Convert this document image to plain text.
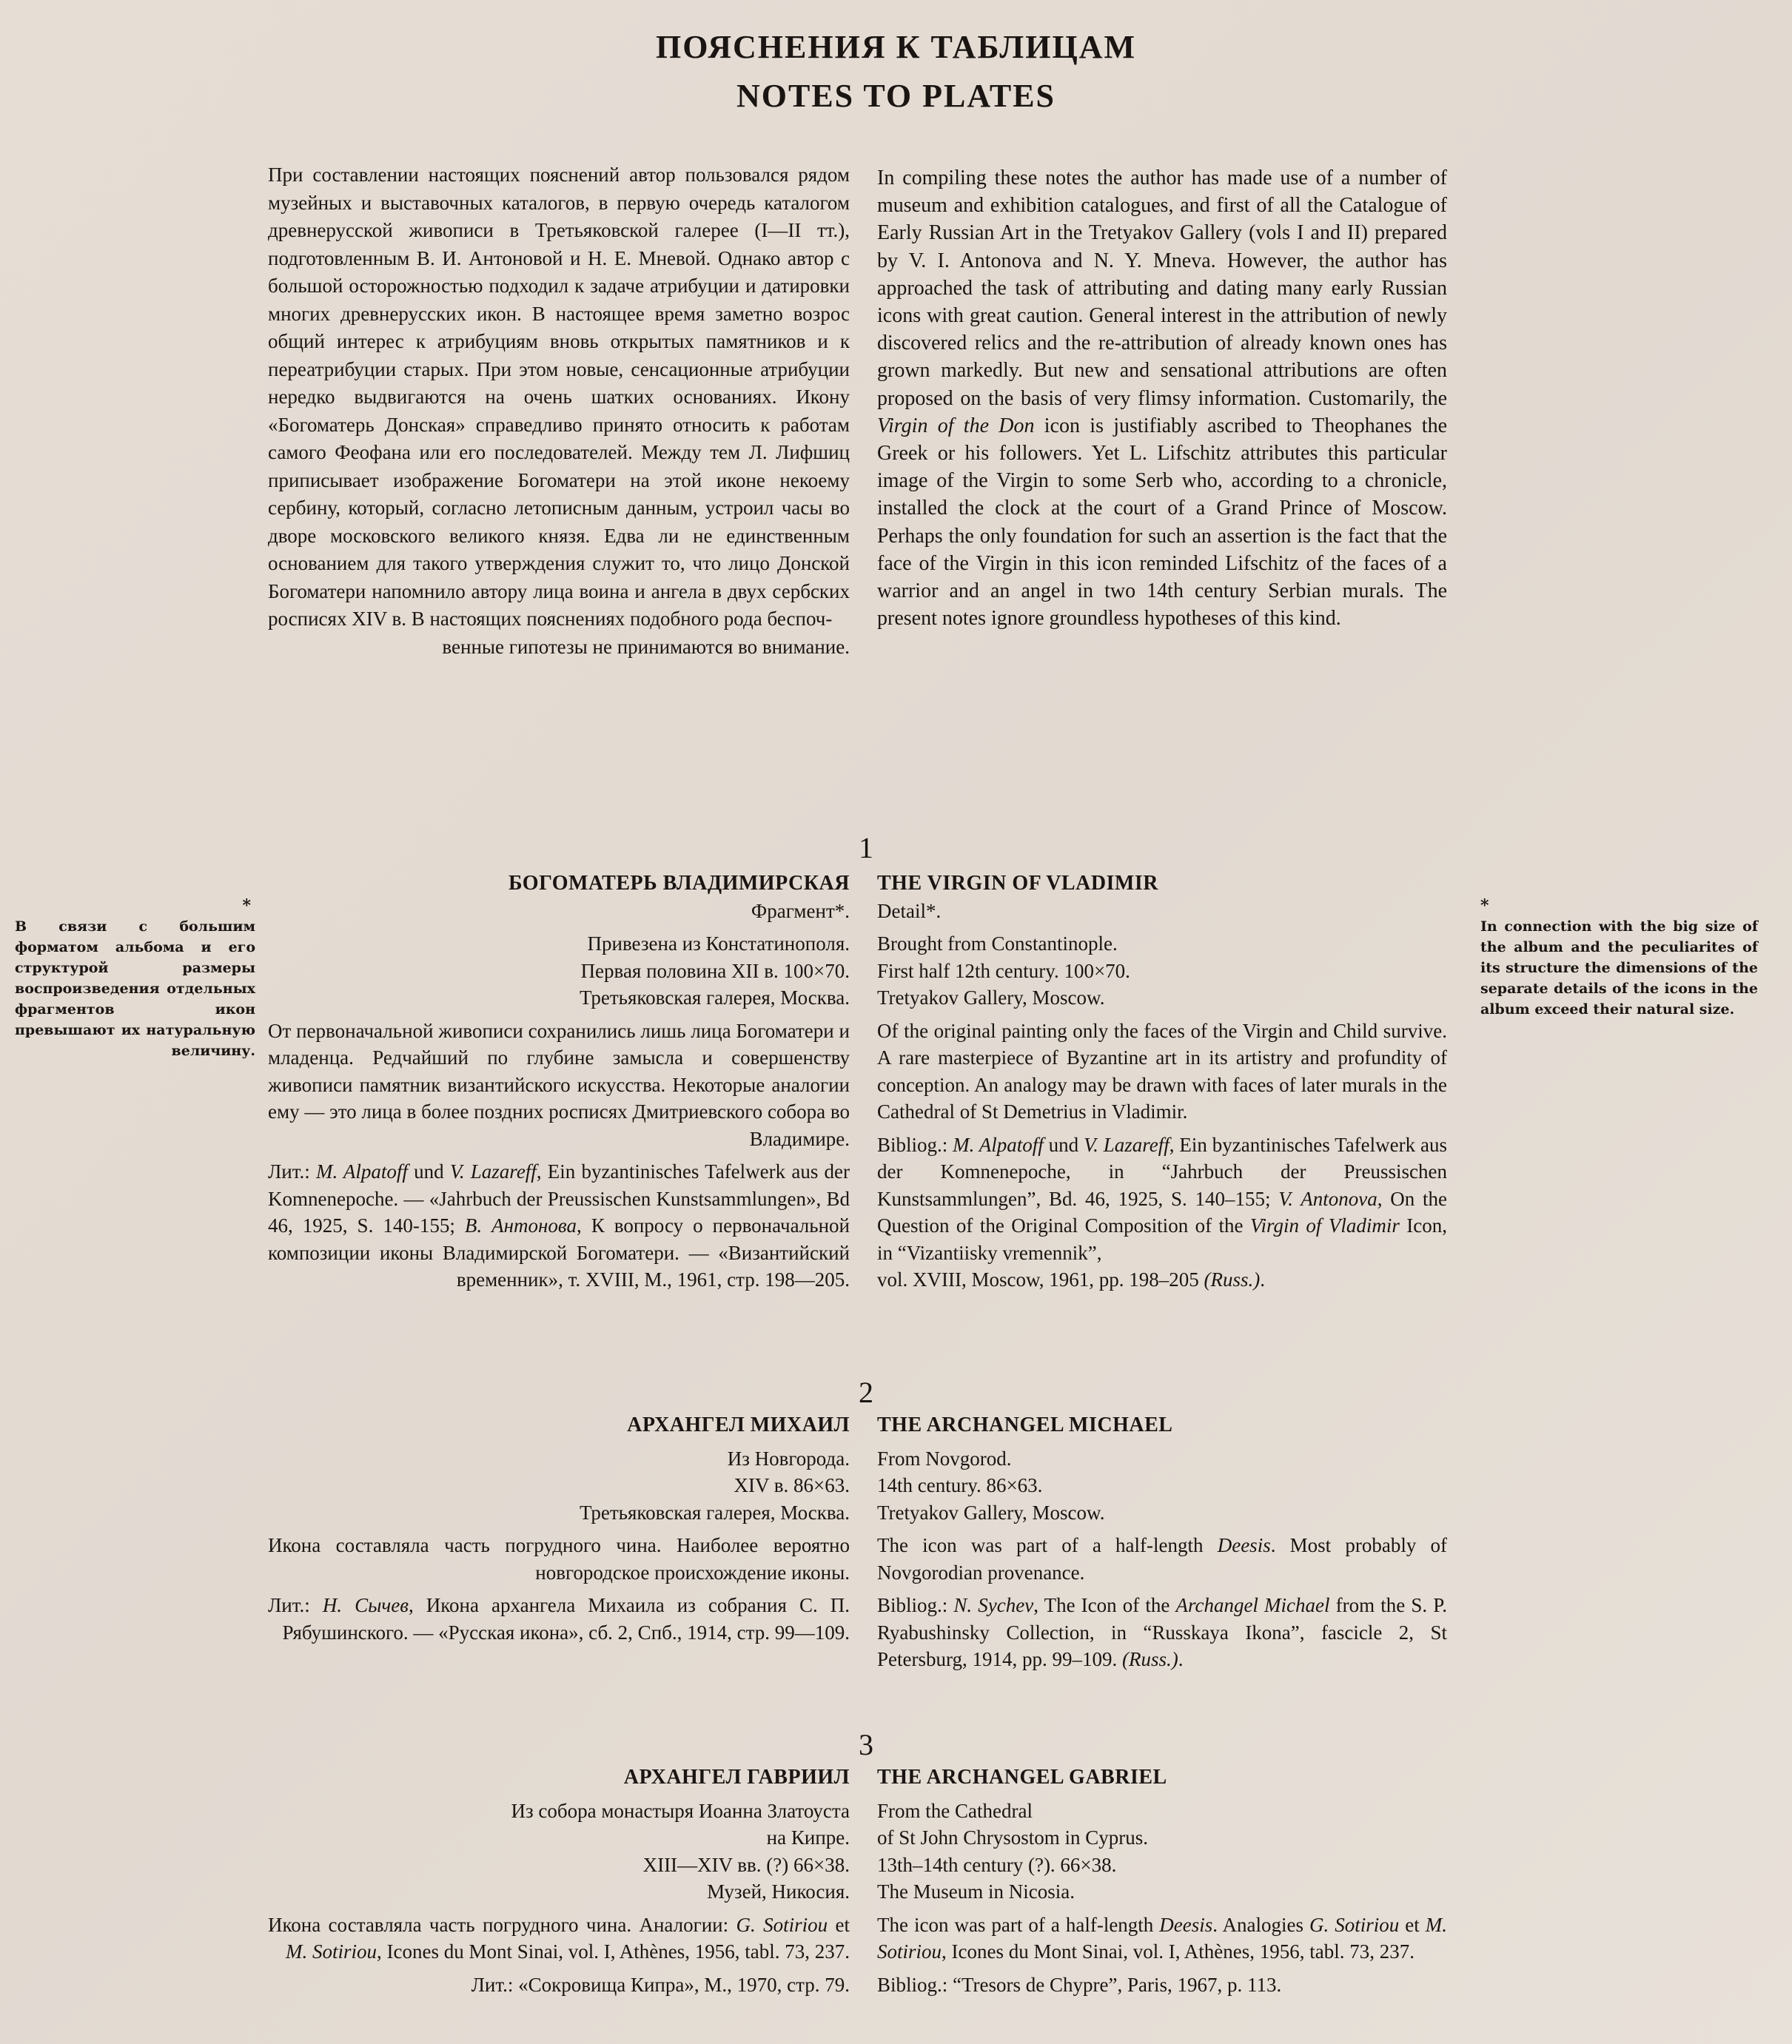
ПОЯСНЕНИЯ К ТАБЛИЦАМ
NOTES TO PLATES

При составлении настоящих пояснений автор пользовался рядом музейных и выставочных каталогов, в первую очередь каталогом древнерусской живописи в Третьяковской галерее (I—II тт.), подготовленным В. И. Антоновой и Н. Е. Мневой. Однако автор с большой осторожностью подходил к задаче атрибуции и датировки многих древнерусских икон. В настоящее время заметно возрос общий интерес к атрибуциям вновь открытых памятников и к переатрибуции старых. При этом новые, сенсационные атрибуции нередко выдвигаются на очень шатких основаниях. Икону «Богоматерь Донская» справедливо принято относить к работам самого Феофана или его последователей. Между тем Л. Лифшиц приписывает изображение Богоматери на этой иконе некоему сербину, который, согласно летописным данным, устроил часы во дворе московского великого князя. Едва ли не единственным основанием для такого утверждения служит то, что лицо Донской Богоматери напомнило автору лица воина и ангела в двух сербских росписях XIV в. В настоящих пояснениях подобного рода беспоч-

венные гипотезы не принимаются во внимание.

In compiling these notes the author has made use of a number of museum and exhibition catalogues, and first of all the Catalogue of Early Russian Art in the Tretyakov Gallery (vols I and II) prepared by V. I. Antonova and N. Y. Mneva. However, the author has approached the task of attributing and dating many early Russian icons with great caution. General interest in the attribution of newly discovered relics and the re-attribution of already known ones has grown markedly. But new and sensational attributions are often proposed on the basis of very flimsy information. Customarily, the Virgin of the Don icon is justifiably ascribed to Theophanes the Greek or his followers. Yet L. Lifschitz attributes this particular image of the Virgin to some Serb who, according to a chronicle, installed the clock at the court of a Grand Prince of Moscow. Perhaps the only foundation for such an assertion is the fact that the face of the Virgin in this icon reminded Lifschitz of the faces of a warrior and an angel in two 14th century Serbian murals. The present notes ignore groundless hypotheses of this kind.

*
В связи с большим форматом альбома и его структурой размеры воспроизведения отдельных фрагментов икон превышают их натуральную величину.
*
In connection with the big size of the album and the peculiarites of its structure the dimensions of the separate details of the icons in the album exceed their natural size.
1
БОГОМАТЕРЬ ВЛАДИМИРСКАЯ
Фрагмент*.
Привезена из Констатинополя.
Первая половина XII в. 100×70.
Третьяковская галерея, Москва.
От первоначальной живописи сохранились лишь лица Богоматери и младенца. Редчайший по глубине замысла и совершенству живописи памятник византийского искусства. Некоторые аналогии ему — это лица в более поздних росписях Дмитриевского собора во Владимире.
Лит.: M. Alpatoff und V. Lazareff, Ein byzantinisches Tafelwerk aus der Komnenepoche. — «Jahrbuch der Preussischen Kunstsammlungen», Bd 46, 1925, S. 140-155; В. Антонова, К вопросу о первоначальной композиции иконы Владимирской Богоматери. — «Византийский временник», т. XVIII, М., 1961, стр. 198—205.
THE VIRGIN OF VLADIMIR
Detail*.
Brought from Constantinople.
First half 12th century. 100×70.
Tretyakov Gallery, Moscow.
Of the original painting only the faces of the Virgin and Child survive. A rare masterpiece of Byzantine art in its artistry and profundity of conception. An analogy may be drawn with faces of later murals in the Cathedral of St Demetrius in Vladimir.
Bibliog.: M. Alpatoff und V. Lazareff, Ein byzantinisches Tafelwerk aus der Komnenepoche, in “Jahrbuch der Preussischen Kunstsammlungen”, Bd. 46, 1925, S. 140–155; V. Antonova, On the Question of the Original Composition of the Virgin of Vladimir Icon, in “Vizantiisky vremennik”,
vol. XVIII, Moscow, 1961, pp. 198–205 (Russ.).
2
АРХАНГЕЛ МИХАИЛ
Из Новгорода.
XIV в. 86×63.
Третьяковская галерея, Москва.
Икона составляла часть погрудного чина. Наиболее вероятно новгородское происхождение иконы.
Лит.: Н. Сычев, Икона архангела Михаила из собрания С. П. Рябушинского. — «Русская икона», сб. 2, Спб., 1914, стр. 99—109.
THE ARCHANGEL MICHAEL
From Novgorod.
14th century. 86×63.
Tretyakov Gallery, Moscow.
The icon was part of a half-length Deesis. Most probably of Novgorodian provenance.
Bibliog.: N. Sychev, The Icon of the Archangel Michael from the S. P. Ryabushinsky Collection, in “Russkaya Ikona”, fascicle 2, St Petersburg, 1914, pp. 99–109. (Russ.).
3
АРХАНГЕЛ ГАВРИИЛ
Из собора монастыря Иоанна Златоуста
на Кипре.
XIII—XIV вв. (?) 66×38.
Музей, Никосия.
Икона составляла часть погрудного чина. Аналогии: G. Sotiriou et M. Sotiriou, Icones du Mont Sinai, vol. I, Athènes, 1956, tabl. 73, 237.
Лит.: «Сокровища Кипра», М., 1970, стр. 79.
THE ARCHANGEL GABRIEL
From the Cathedral
of St John Chrysostom in Cyprus.
13th–14th century (?). 66×38.
The Museum in Nicosia.
The icon was part of a half-length Deesis. Analogies G. Sotiriou et M. Sotiriou, Icones du Mont Sinai, vol. I, Athènes, 1956, tabl. 73, 237.
Bibliog.: “Tresors de Chypre”, Paris, 1967, p. 113.
